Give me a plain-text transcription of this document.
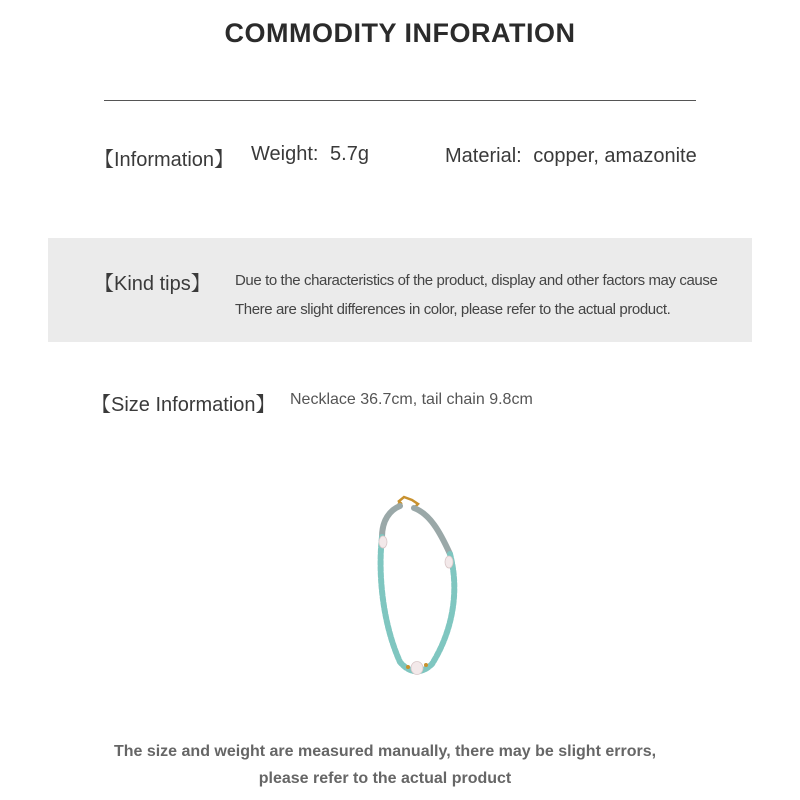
COMMODITY INFORATION
【Information】 Weight: 5.7g	Material: copper, amazonite
【Kind tips】 Due to the characteristics of the product, display and other factors may cause
There are slight differences in color, please refer to the actual product.
【Size Information】 Necklace 36.7cm, tail chain 9.8cm
The size and weight are measured manually, there may be slight errors,
please refer to the actual product
